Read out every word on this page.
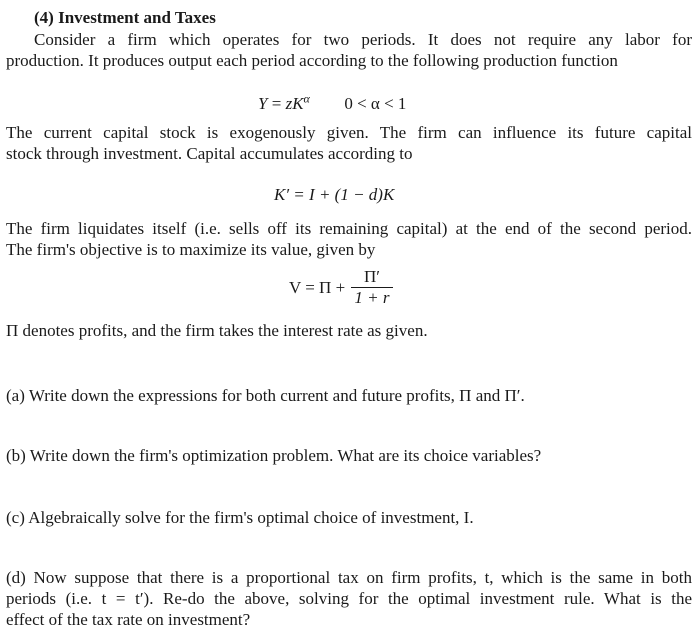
(4) Investment and Taxes
Consider a firm which operates for two periods. It does not require any labor for
production. It produces output each period according to the following production function
$Y = zK^\alpha$ 0 < α < 1
The current capital stock is exogenously given. The firm can influence its future capital
stock through investment. Capital accumulates according to
K′ = I + (1 − d)K
The firm liquidates itself (i.e. sells off its remaining capital) at the end of the second period.
The firm's objective is to maximize its value, given by
$V = \Pi + \frac{\Pi'}{1 + r}$
Π denotes profits, and the firm takes the interest rate as given.
(a) Write down the expressions for both current and future profits, Π and Π′.
(b) Write down the firm's optimization problem. What are its choice variables?
(c) Algebraically solve for the firm's optimal choice of investment, I.
(d) Now suppose that there is a proportional tax on firm profits, t, which is the same in both
periods (i.e. t = t′). Re-do the above, solving for the optimal investment rule. What is the
effect of the tax rate on investment?
